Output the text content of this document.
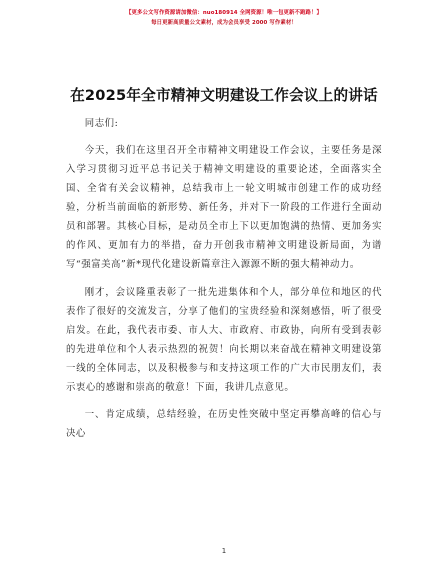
【更多公文写作资源请加微信：nuo180914 全网资源！唯一包更新不跑路！】
每日更新高质量公文素材，成为会员享受 2000 写作素材！
在2025年全市精神文明建设工作会议上的讲话

同志们:

今天，我们在这里召开全市精神文明建设工作会议，主要任务是深入学习贯彻习近平总书记关于精神文明建设的重要论述，全面落实全国、全省有关会议精神，总结我市上一轮文明城市创建工作的成功经验，分析当前面临的新形势、新任务，并对下一阶段的工作进行全面动员和部署。其核心目标，是动员全市上下以更加饱满的热情、更加务实的作风、更加有力的举措，奋力开创我市精神文明建设新局面，为谱写“强富美高”新*现代化建设新篇章注入源源不断的强大精神动力。

刚才，会议隆重表彰了一批先进集体和个人，部分单位和地区的代表作了很好的交流发言，分享了他们的宝贵经验和深刻感悟，听了很受启发。在此，我代表市委、市人大、市政府、市政协，向所有受到表彰的先进单位和个人表示热烈的祝贺！向长期以来奋战在精神文明建设第一线的全体同志，以及积极参与和支持这项工作的广大市民朋友们，表示衷心的感谢和崇高的敬意！下面，我讲几点意见。

一、肯定成绩，总结经验，在历史性突破中坚定再攀高峰的信心与决心

1
